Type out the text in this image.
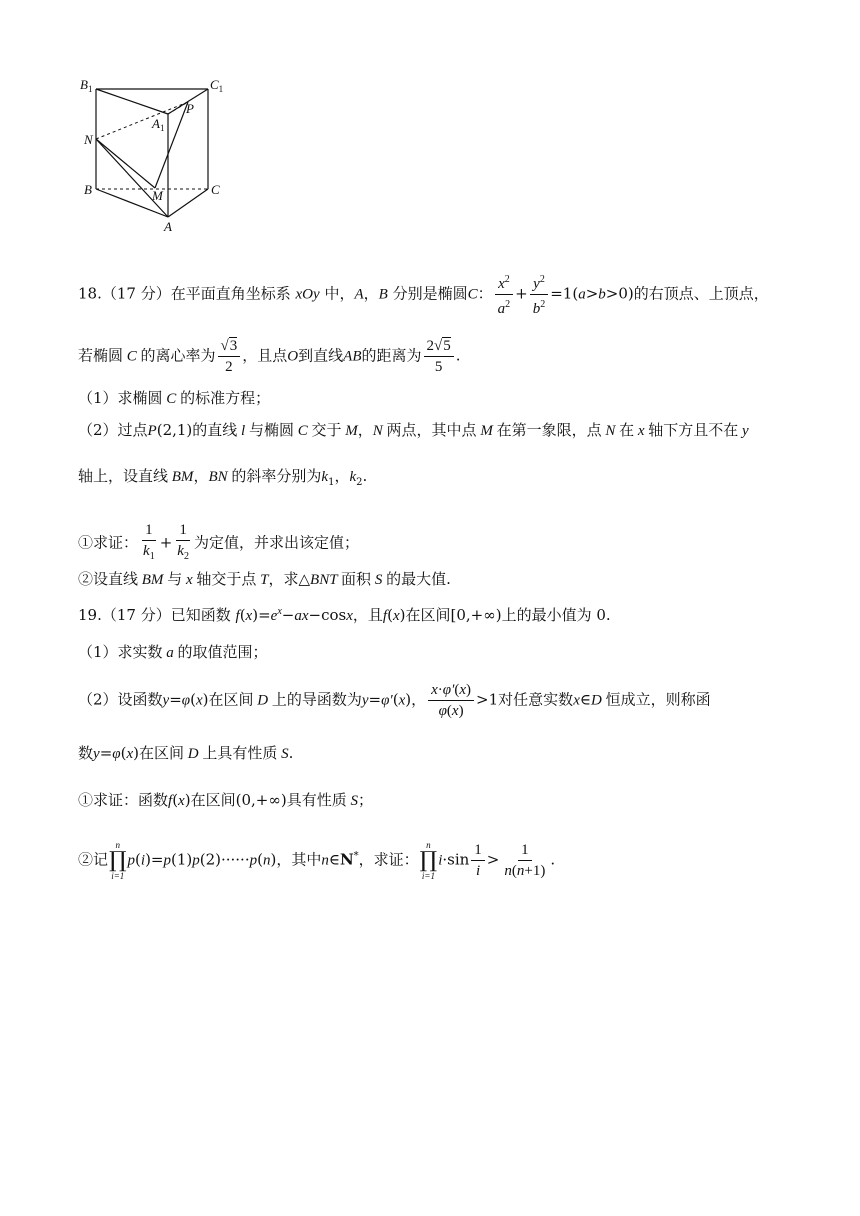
$B_1$	$C_1$
$A_1$
P
N
B	C
M
A
18.（17 分）在平面直角坐标系 xOy 中，A，B 分别是椭圆C： $\frac{x^2}{a^2} + \frac{y^2}{b^2} =1(a>b>0)$的右顶点、上顶点，
若椭圆 C 的离心率为 $\frac{√3}{2}$ ，且点O到直线AB的距离为 $\frac{2√5}{5}$ .
（1）求椭圆 C 的标准方程；
（2）过点P(2,1)的直线 l 与椭圆 C 交于 M，N 两点，其中点 M 在第一象限，点 N 在 x 轴下方且不在 y
轴上，设直线 BM，BN 的斜率分别为$k_1$，$k_2$.
①求证： $\frac{1}{k_1} + \frac{1}{k_2}$ 为定值，并求出该定值；
②设直线 BM 与 x 轴交于点 T，求△BNT 面积 S 的最大值.
19.（17 分）已知函数 $f(x)=e^x-ax-\cos x$，且f(x)在区间[0,+∞)上的最小值为 0.
（1）求实数 a 的取值范围；
（2）设函数y=φ(x)在区间 D 上的导函数为y=φ′(x)， $\frac{x\cdot\varphi'(x)}{\varphi(x)} >1$对任意实数x∈D 恒成立，则称函
数y=φ(x)在区间 D 上具有性质 S.
①求证：函数f(x)在区间(0,+∞)具有性质 S；
②记
n
∏
i=1
p(i)=p(1)p(2)······p(n)，其中n∈N*，求证：
n
∏
i=1
$i\cdot\sin \frac{1}{i} > \frac{1}{n(n+1)}$ .
